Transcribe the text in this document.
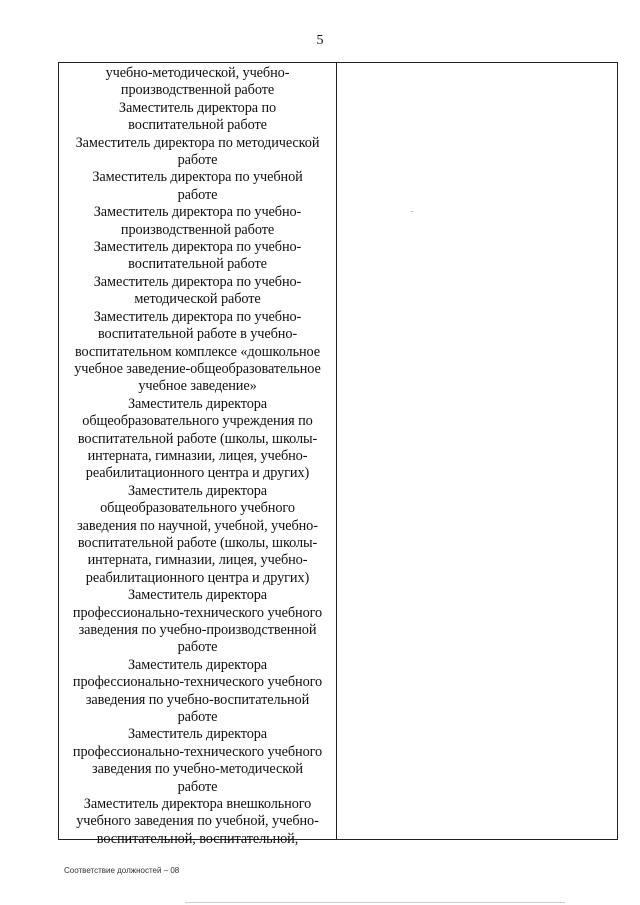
5
учебно-методической, учебно-
производственной работе
Заместитель директора по
воспитательной работе
Заместитель директора по методической
работе
Заместитель директора по учебной
работе
Заместитель директора по учебно-
производственной работе
Заместитель директора по учебно-
воспитательной работе
Заместитель директора по учебно-
методической работе
Заместитель директора по учебно-
воспитательной работе в учебно-
воспитательном комплексе «дошкольное
учебное заведение-общеобразовательное
учебное заведение»
Заместитель директора
общеобразовательного учреждения по
воспитательной работе (школы, школы-
интерната, гимназии, лицея, учебно-
реабилитационного центра и других)
Заместитель директора
общеобразовательного учебного
заведения по научной, учебной, учебно-
воспитательной работе (школы, школы-
интерната, гимназии, лицея, учебно-
реабилитационного центра и других)
Заместитель директора
профессионально-технического учебного
заведения по учебно-производственной
работе
Заместитель директора
профессионально-технического учебного
заведения по учебно-воспитательной
работе
Заместитель директора
профессионально-технического учебного
заведения по учебно-методической
работе
Заместитель директора внешкольного
учебного заведения по учебной, учебно-
воспитательной, воспитательной,
Соответствие должностей – 08
